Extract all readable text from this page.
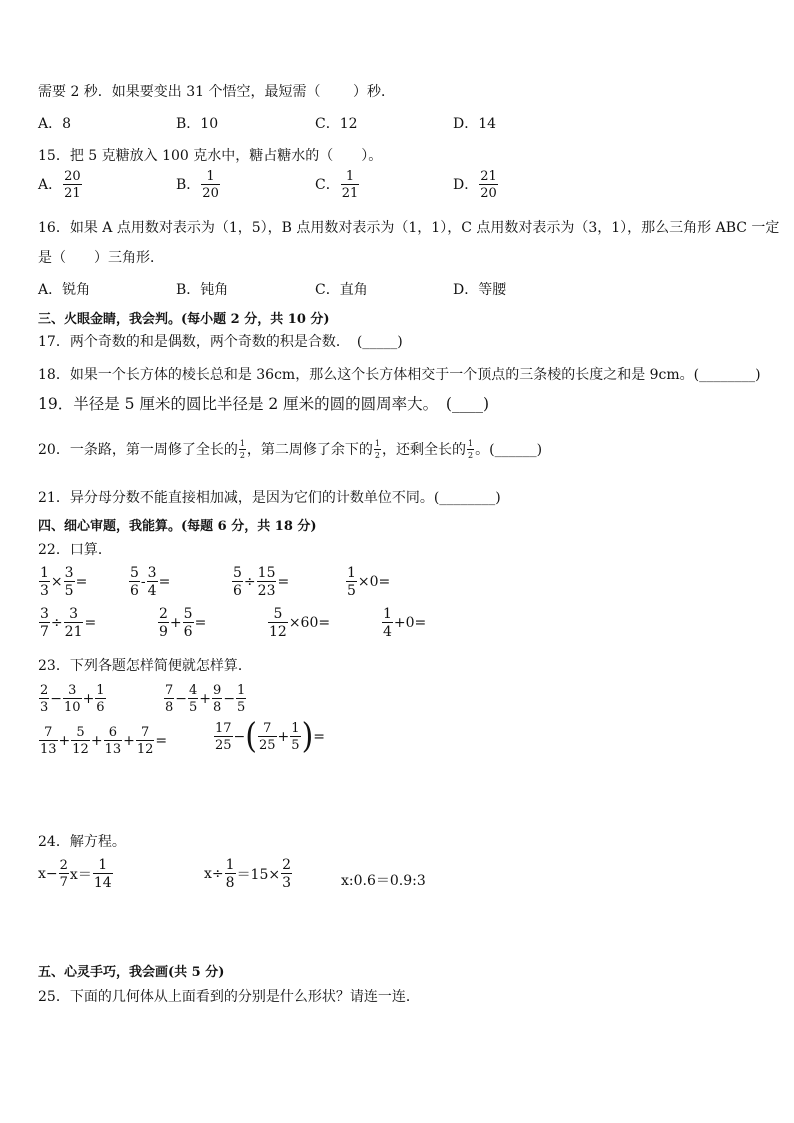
需要 2 秒．如果要变出 31 个悟空，最短需（　　 ）秒．
A．8	B．10	C．12	D．14
15．把 5 克糖放入 100 克水中，糖占糖水的（　　）。
A． $\frac{20}{21}$	B． $\frac{1}{20}$	C． $\frac{1}{21}$	D． $\frac{21}{20}$
16．如果 A 点用数对表示为（1，5），B 点用数对表示为（1，1），C 点用数对表示为（3，1），那么三角形 ABC 一定
是（　　）三角形．
A．锐角	B．钝角	C．直角	D．等腰
三、火眼金睛，我会判。(每小题 2 分，共 10 分)
17．两个奇数的和是偶数，两个奇数的积是合数．　(_____)
18．如果一个长方体的棱长总和是 36cm，那么这个长方体相交于一个顶点的三条棱的长度之和是 9cm。(________)
19．半径是 5 厘米的圆比半径是 2 厘米的圆的圆周率大。　(____)
20．一条路，第一周修了全长的 $\frac{1}{2}$ ，第二周修了余下的 $\frac{1}{2}$ ，还剩全长的 $\frac{1}{2}$ 。(______)
21．异分母分数不能直接相加减，是因为它们的计数单位不同。(________)
四、细心审题，我能算。(每题 6 分，共 18 分)
22．口算．
$\frac{1}{3} \times \frac{3}{5}$ =	$\frac{5}{6} - \frac{3}{4}$ =	$\frac{5}{6} \div \frac{15}{23}$ =	$\frac{1}{5} \times 0=$
$\frac{3}{7} \div \frac{3}{21}$ =	$\frac{2}{9} + \frac{5}{6}$ =	$\frac{5}{12} \times 60=$	$\frac{1}{4} +0=$
23．下列各题怎样简便就怎样算．
$\frac{2}{3} - \frac{3}{10} + \frac{1}{6}$	$\frac{7}{8} - \frac{4}{5} + \frac{9}{8} - \frac{1}{5}$
$\frac{7}{13} + \frac{5}{12} + \frac{6}{13} + \frac{7}{12}$ =	$\frac{17}{25}$ −( $\frac{7}{25} + \frac{1}{5}$ )=
24．解方程。
$x- \frac{2}{7} x= \frac{1}{14}$	$x\div \frac{1}{8} =15\times \frac{2}{3}$	x:0.6＝0.9:3
五、心灵手巧，我会画(共 5 分)
25．下面的几何体从上面看到的分别是什么形状？请连一连．
